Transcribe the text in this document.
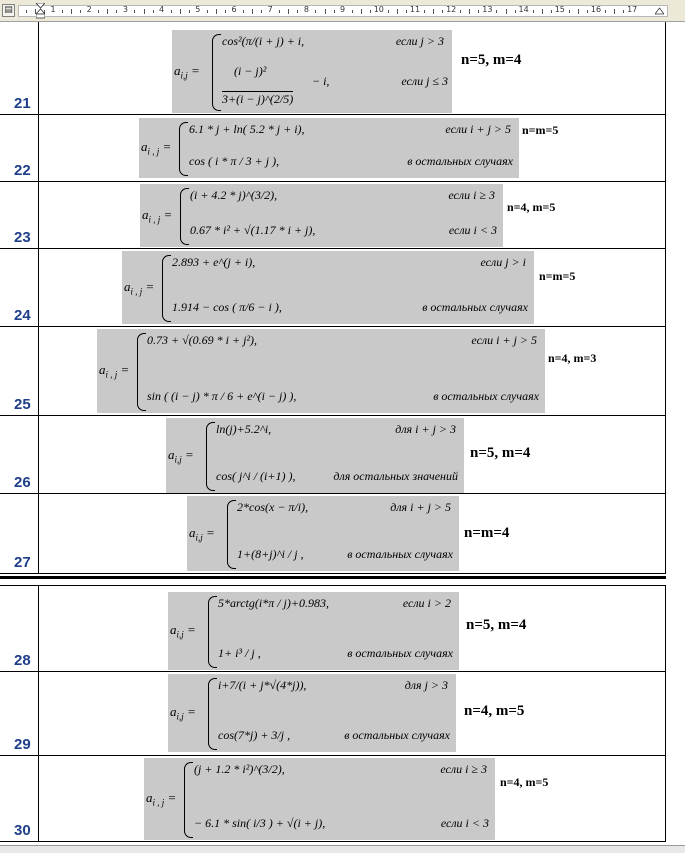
▤	1	2	3	4	5	6	7	8	9	10	11	12	13	14	15	16	17
21
$a_{i,j}$ =
cos²(π/(i + j) + i,	если j > 3
(i − j)²
3+(i − j)^(2/5)
− i,	если j ≤ 3
n=5, m=4
22
$a_{i , j}$ =
6.1 * j + ln( 5.2 * j + i),	если i + j > 5
cos ( i * π / 3 + j ),	в остальных случаях
n=m=5
23
$a_{i , j}$ =
(i + 4.2 * j)^(3/2),	если i ≥ 3
0.67 * i² + √(1.17 * i + j),	если i < 3
n=4, m=5
24
$a_{i , j}$ =
2.893 + e^(j + i),	если j > i
1.914 − cos ( π/6 − i ),	в остальных случаях
n=m=5
25
$a_{i , j}$ =
0.73 + √(0.69 * i + j²),	если i + j > 5
sin ( (i − j) * π / 6 + e^(i − j) ),	в остальных случаях
n=4, m=3
26
$a_{i,j}$ =
ln(j)+5.2^i,	для i + j > 3
cos( j^i / (i+1) ),	для остальных значений
n=5, m=4
27
$a_{i,j}$ =
2*cos(x − π/i),	для i + j > 5
1+(8+j)^i / j ,	в остальных случаях
n=m=4
28
$a_{i,j}$ =
5*arctg(i*π / j)+0.983,	если i > 2
1+ i³ / j ,	в остальных случаях
n=5, m=4
29
$a_{i,j}$ =
i+7/(i + j*√(4*j)),	для j > 3
cos(7*j) + 3/j ,	в остальных случаях
n=4, m=5
30
$a_{i , j}$ =
(j + 1.2 * i²)^(3/2),	если i ≥ 3
− 6.1 * sin( i/3 ) + √(i + j),	если i < 3
n=4, m=5
